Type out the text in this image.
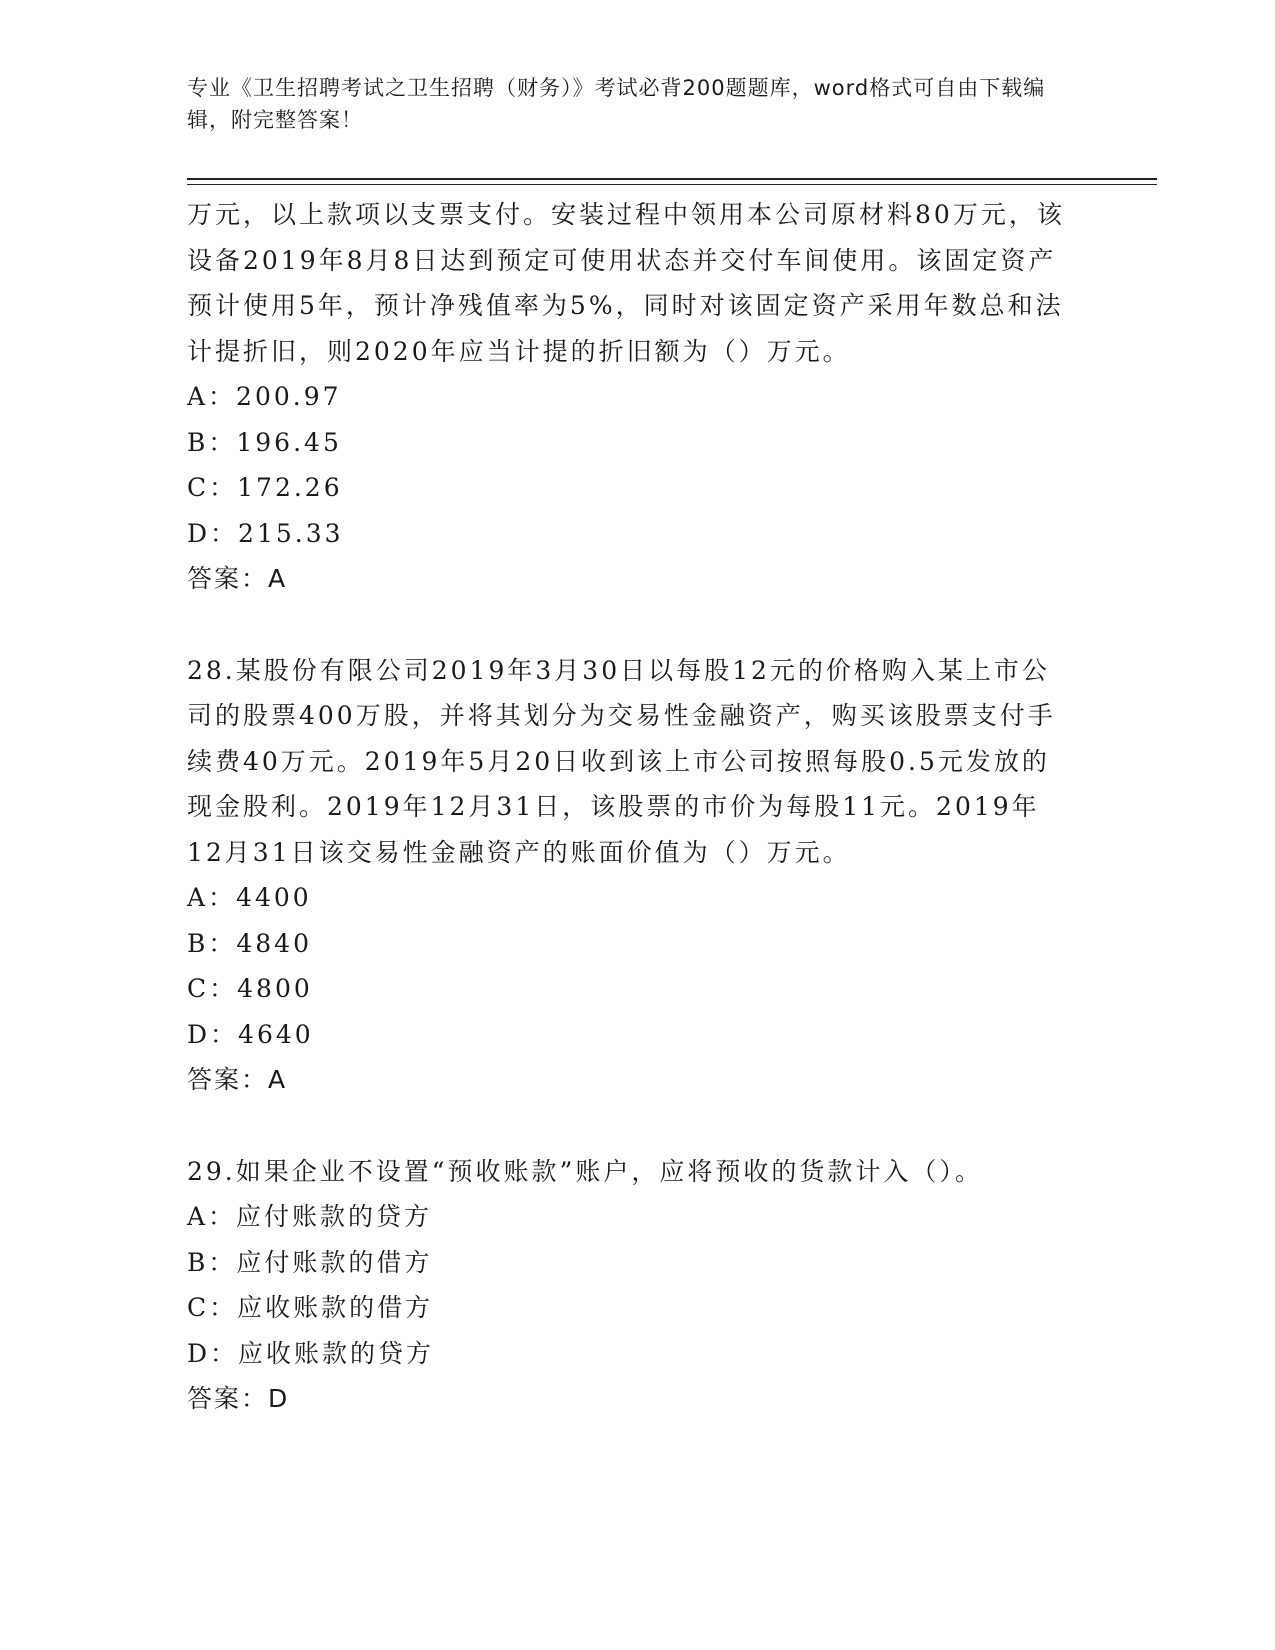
专业《卫生招聘考试之卫生招聘（财务）》考试必背200题题库，word格式可自由下载编辑，附完整答案！

万元，以上款项以支票支付。安装过程中领用本公司原材料80万元，该设备2019年8月8日达到预定可使用状态并交付车间使用。该固定资产预计使用5年，预计净残值率为5%，同时对该固定资产采用年数总和法计提折旧，则2020年应当计提的折旧额为（）万元。

A：200.97

B：196.45

C：172.26

D：215.33

答案：A

28.某股份有限公司2019年3月30日以每股12元的价格购入某上市公司的股票400万股，并将其划分为交易性金融资产，购买该股票支付手续费40万元。2019年5月20日收到该上市公司按照每股0.5元发放的现金股利。2019年12月31日，该股票的市价为每股11元。2019年12月31日该交易性金融资产的账面价值为（）万元。

A：4400

B：4840

C：4800

D：4640

答案：A

29.如果企业不设置“预收账款”账户，应将预收的货款计入（）。

A：应付账款的贷方

B：应付账款的借方

C：应收账款的借方

D：应收账款的贷方

答案：D
